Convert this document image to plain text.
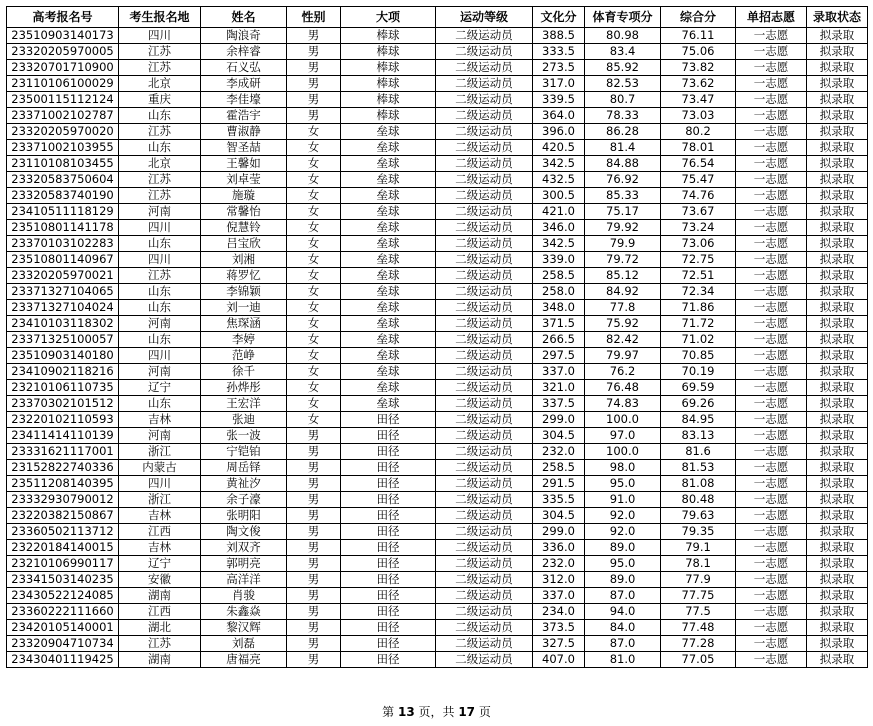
高考报名号	考生报名地	姓名	性别	大项	运动等级	文化分	体育专项分	综合分	单招志愿	录取状态
23510903140173	四川	陶浪奇	男	棒球	二级运动员	388.5	80.98	76.11	一志愿	拟录取
23320205970005	江苏	余梓睿	男	棒球	二级运动员	333.5	83.4	75.06	一志愿	拟录取
23320701710900	江苏	石义弘	男	棒球	二级运动员	273.5	85.92	73.82	一志愿	拟录取
23110106100029	北京	李成研	男	棒球	二级运动员	317.0	82.53	73.62	一志愿	拟录取
23500115112124	重庆	李佳壕	男	棒球	二级运动员	339.5	80.7	73.47	一志愿	拟录取
23371002102787	山东	霍浩宇	男	棒球	二级运动员	364.0	78.33	73.03	一志愿	拟录取
23320205970020	江苏	曹淑静	女	垒球	二级运动员	396.0	86.28	80.2	一志愿	拟录取
23371002103955	山东	智圣喆	女	垒球	二级运动员	420.5	81.4	78.01	一志愿	拟录取
23110108103455	北京	王馨如	女	垒球	二级运动员	342.5	84.88	76.54	一志愿	拟录取
23320583750604	江苏	刘卓莹	女	垒球	二级运动员	432.5	76.92	75.47	一志愿	拟录取
23320583740190	江苏	施璇	女	垒球	二级运动员	300.5	85.33	74.76	一志愿	拟录取
23410511118129	河南	常馨怡	女	垒球	二级运动员	421.0	75.17	73.67	一志愿	拟录取
23510801141178	四川	倪慧铃	女	垒球	二级运动员	346.0	79.92	73.24	一志愿	拟录取
23370103102283	山东	吕宝欣	女	垒球	二级运动员	342.5	79.9	73.06	一志愿	拟录取
23510801140967	四川	刘湘	女	垒球	二级运动员	339.0	79.72	72.75	一志愿	拟录取
23320205970021	江苏	蒋罗忆	女	垒球	二级运动员	258.5	85.12	72.51	一志愿	拟录取
23371327104065	山东	李锦颖	女	垒球	二级运动员	258.0	84.92	72.34	一志愿	拟录取
23371327104024	山东	刘一迪	女	垒球	二级运动员	348.0	77.8	71.86	一志愿	拟录取
23410103118302	河南	焦琛涵	女	垒球	二级运动员	371.5	75.92	71.72	一志愿	拟录取
23371325100057	山东	李婷	女	垒球	二级运动员	266.5	82.42	71.02	一志愿	拟录取
23510903140180	四川	范峥	女	垒球	二级运动员	297.5	79.97	70.85	一志愿	拟录取
23410902118216	河南	徐千	女	垒球	二级运动员	337.0	76.2	70.19	一志愿	拟录取
23210106110735	辽宁	孙烨彤	女	垒球	二级运动员	321.0	76.48	69.59	一志愿	拟录取
23370302101512	山东	王宏洋	女	垒球	二级运动员	337.5	74.83	69.26	一志愿	拟录取
23220102110593	吉林	张迪	女	田径	二级运动员	299.0	100.0	84.95	一志愿	拟录取
23411414110139	河南	张一波	男	田径	二级运动员	304.5	97.0	83.13	一志愿	拟录取
23331621117001	浙江	宁铠铂	男	田径	二级运动员	232.0	100.0	81.6	一志愿	拟录取
23152822740336	内蒙古	周岳铎	男	田径	二级运动员	258.5	98.0	81.53	一志愿	拟录取
23511208140395	四川	黄祉汐	男	田径	二级运动员	291.5	95.0	81.08	一志愿	拟录取
23332930790012	浙江	余子濠	男	田径	二级运动员	335.5	91.0	80.48	一志愿	拟录取
23220382150867	吉林	张明阳	男	田径	二级运动员	304.5	92.0	79.63	一志愿	拟录取
23360502113712	江西	陶文俊	男	田径	二级运动员	299.0	92.0	79.35	一志愿	拟录取
23220184140015	吉林	刘双齐	男	田径	二级运动员	336.0	89.0	79.1	一志愿	拟录取
23210106990117	辽宁	郭明亮	男	田径	二级运动员	232.0	95.0	78.1	一志愿	拟录取
23341503140235	安徽	高洋洋	男	田径	二级运动员	312.0	89.0	77.9	一志愿	拟录取
23430522124085	湖南	肖骏	男	田径	二级运动员	337.0	87.0	77.75	一志愿	拟录取
23360222111660	江西	朱鑫焱	男	田径	二级运动员	234.0	94.0	77.5	一志愿	拟录取
23420105140001	湖北	黎汉辉	男	田径	二级运动员	373.5	84.0	77.48	一志愿	拟录取
23320904710734	江苏	刘磊	男	田径	二级运动员	327.5	87.0	77.28	一志愿	拟录取
23430401119425	湖南	唐福亮	男	田径	二级运动员	407.0	81.0	77.05	一志愿	拟录取
第 13 页，共 17 页
